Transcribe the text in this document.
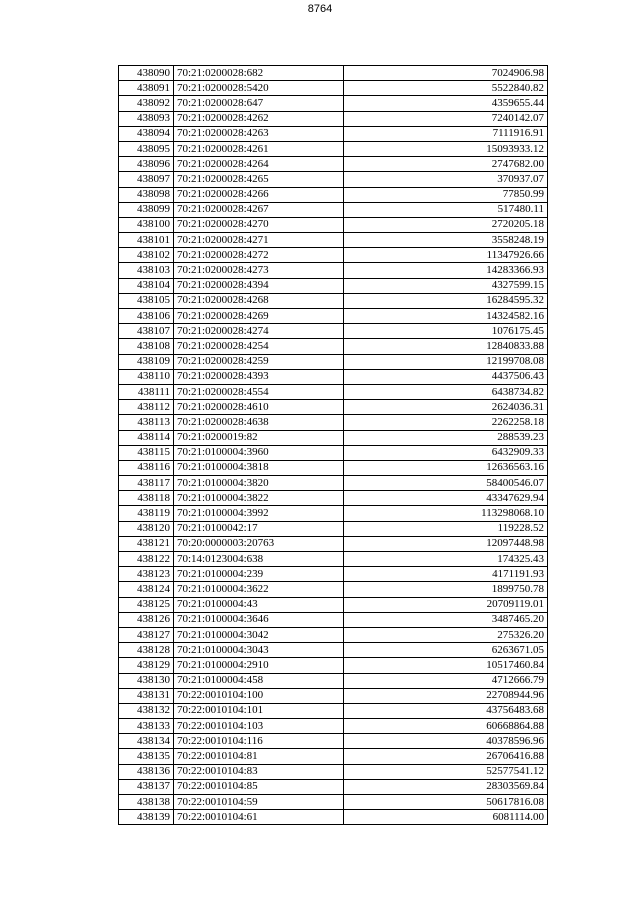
8764
438090	70:21:0200028:682	7024906.98
438091	70:21:0200028:5420	5522840.82
438092	70:21:0200028:647	4359655.44
438093	70:21:0200028:4262	7240142.07
438094	70:21:0200028:4263	7111916.91
438095	70:21:0200028:4261	15093933.12
438096	70:21:0200028:4264	2747682.00
438097	70:21:0200028:4265	370937.07
438098	70:21:0200028:4266	77850.99
438099	70:21:0200028:4267	517480.11
438100	70:21:0200028:4270	2720205.18
438101	70:21:0200028:4271	3558248.19
438102	70:21:0200028:4272	11347926.66
438103	70:21:0200028:4273	14283366.93
438104	70:21:0200028:4394	4327599.15
438105	70:21:0200028:4268	16284595.32
438106	70:21:0200028:4269	14324582.16
438107	70:21:0200028:4274	1076175.45
438108	70:21:0200028:4254	12840833.88
438109	70:21:0200028:4259	12199708.08
438110	70:21:0200028:4393	4437506.43
438111	70:21:0200028:4554	6438734.82
438112	70:21:0200028:4610	2624036.31
438113	70:21:0200028:4638	2262258.18
438114	70:21:0200019:82	288539.23
438115	70:21:0100004:3960	6432909.33
438116	70:21:0100004:3818	12636563.16
438117	70:21:0100004:3820	58400546.07
438118	70:21:0100004:3822	43347629.94
438119	70:21:0100004:3992	113298068.10
438120	70:21:0100042:17	119228.52
438121	70:20:0000003:20763	12097448.98
438122	70:14:0123004:638	174325.43
438123	70:21:0100004:239	4171191.93
438124	70:21:0100004:3622	1899750.78
438125	70:21:0100004:43	20709119.01
438126	70:21:0100004:3646	3487465.20
438127	70:21:0100004:3042	275326.20
438128	70:21:0100004:3043	6263671.05
438129	70:21:0100004:2910	10517460.84
438130	70:21:0100004:458	4712666.79
438131	70:22:0010104:100	22708944.96
438132	70:22:0010104:101	43756483.68
438133	70:22:0010104:103	60668864.88
438134	70:22:0010104:116	40378596.96
438135	70:22:0010104:81	26706416.88
438136	70:22:0010104:83	52577541.12
438137	70:22:0010104:85	28303569.84
438138	70:22:0010104:59	50617816.08
438139	70:22:0010104:61	6081114.00
